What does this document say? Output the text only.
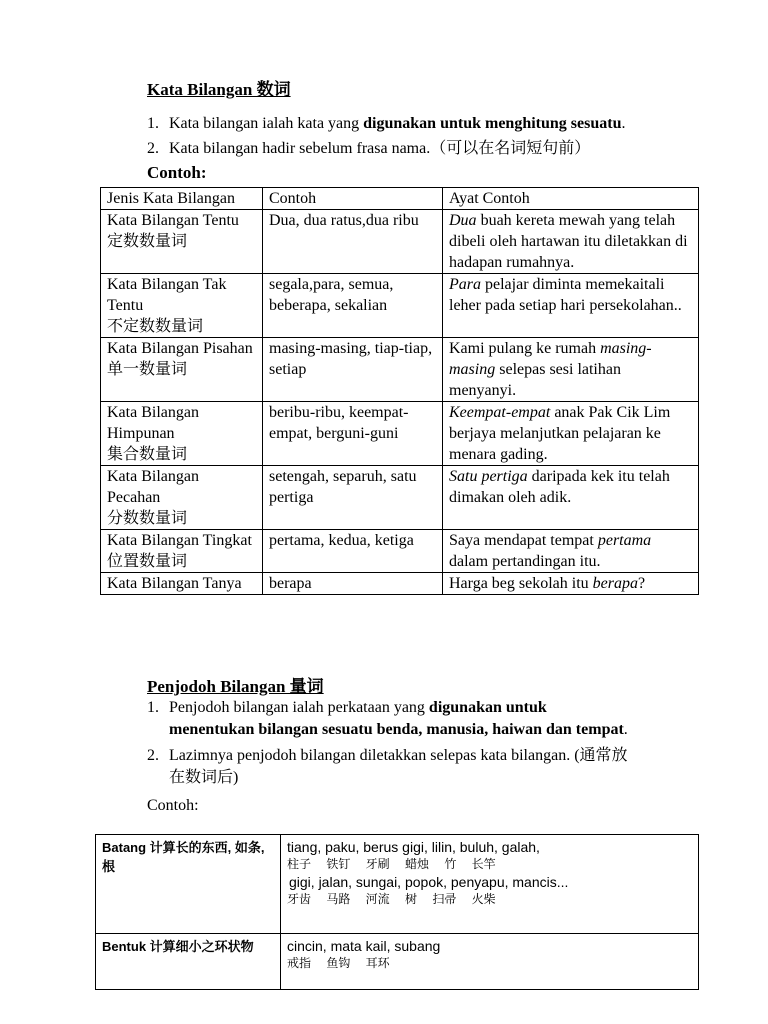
Kata Bilangan 数词
1. Kata bilangan ialah kata yang digunakan untuk menghitung sesuatu.
2. Kata bilangan hadir sebelum frasa nama.（可以在名词短句前）
Contoh:
Jenis Kata Bilangan	Contoh	Ayat Contoh
Kata Bilangan Tentu
定数数量词	Dua, dua ratus,dua ribu	Dua buah kereta mewah yang telah dibeli oleh hartawan itu diletakkan di hadapan rumahnya.
Kata Bilangan Tak Tentu
不定数数量词	segala,para, semua, beberapa, sekalian	Para pelajar diminta memekaitali leher pada setiap hari persekolahan..
Kata Bilangan Pisahan
单一数量词	masing-masing, tiap-tiap, setiap	Kami pulang ke rumah masing-masing selepas sesi latihan menyanyi.
Kata Bilangan Himpunan
集合数量词	beribu-ribu, keempat-empat, berguni-guni	Keempat-empat anak Pak Cik Lim berjaya melanjutkan pelajaran ke menara gading.
Kata Bilangan Pecahan
分数数量词	setengah, separuh, satu pertiga	Satu pertiga daripada kek itu telah dimakan oleh adik.
Kata Bilangan Tingkat
位置数量词	pertama, kedua, ketiga	Saya mendapat tempat pertama dalam pertandingan itu.
Kata Bilangan Tanya	berapa	Harga beg sekolah itu berapa?
Penjodoh Bilangan 量词
1. Penjodoh bilangan ialah perkataan yang digunakan untuk
menentukan bilangan sesuatu benda, manusia, haiwan dan tempat.
2. Lazimnya penjodoh bilangan diletakkan selepas kata bilangan. (通常放
在数词后)
Contoh:
Batang 计算长的东西, 如条, 根	tiang, paku, berus gigi, lilin, buluh, galah,
柱子 铁钉 牙刷 蜡烛 竹 长竿
gigi, jalan, sungai, popok, penyapu, mancis...
牙齿 马路 河流 树 扫帚 火柴

Bentuk 计算细小之环状物	cincin, mata kail, subang
戒指 鱼钩 耳环
